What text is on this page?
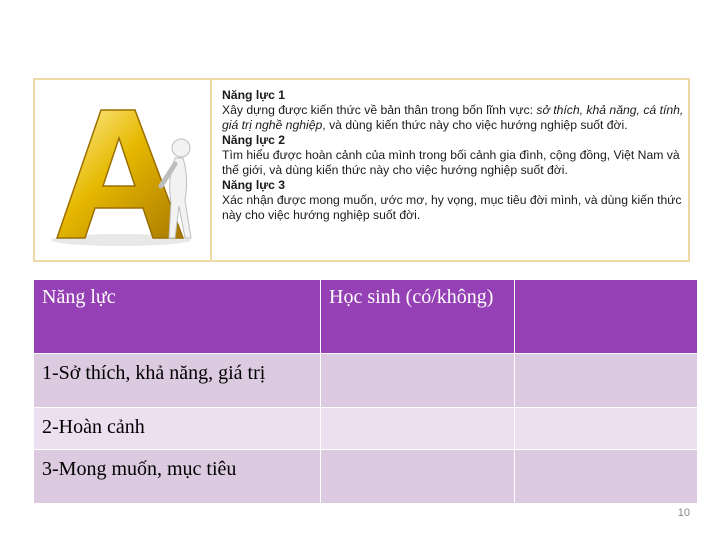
Năng lực 1
Xây dựng được kiến thức về bản thân trong bốn lĩnh vực: sở thích, khả năng, cá tính, giá trị nghề nghiệp, và dùng kiến thức này cho việc hướng nghiệp suốt đời.
Năng lực 2
Tìm hiểu được hoàn cảnh của mình trong bối cảnh gia đình, cộng đồng, Việt Nam và thế giới, và dùng kiến thức này cho việc hướng nghiệp suốt đời.
Năng lực 3
Xác nhận được mong muốn, ước mơ, hy vọng, mục tiêu đời mình, và dùng kiến thức này cho việc hướng nghiệp suốt đời.
Năng lực	Học sinh (có/không)	
1-Sở thích, khả năng, giá trị		
2-Hoàn cảnh		
3-Mong muốn, mục tiêu		
10
